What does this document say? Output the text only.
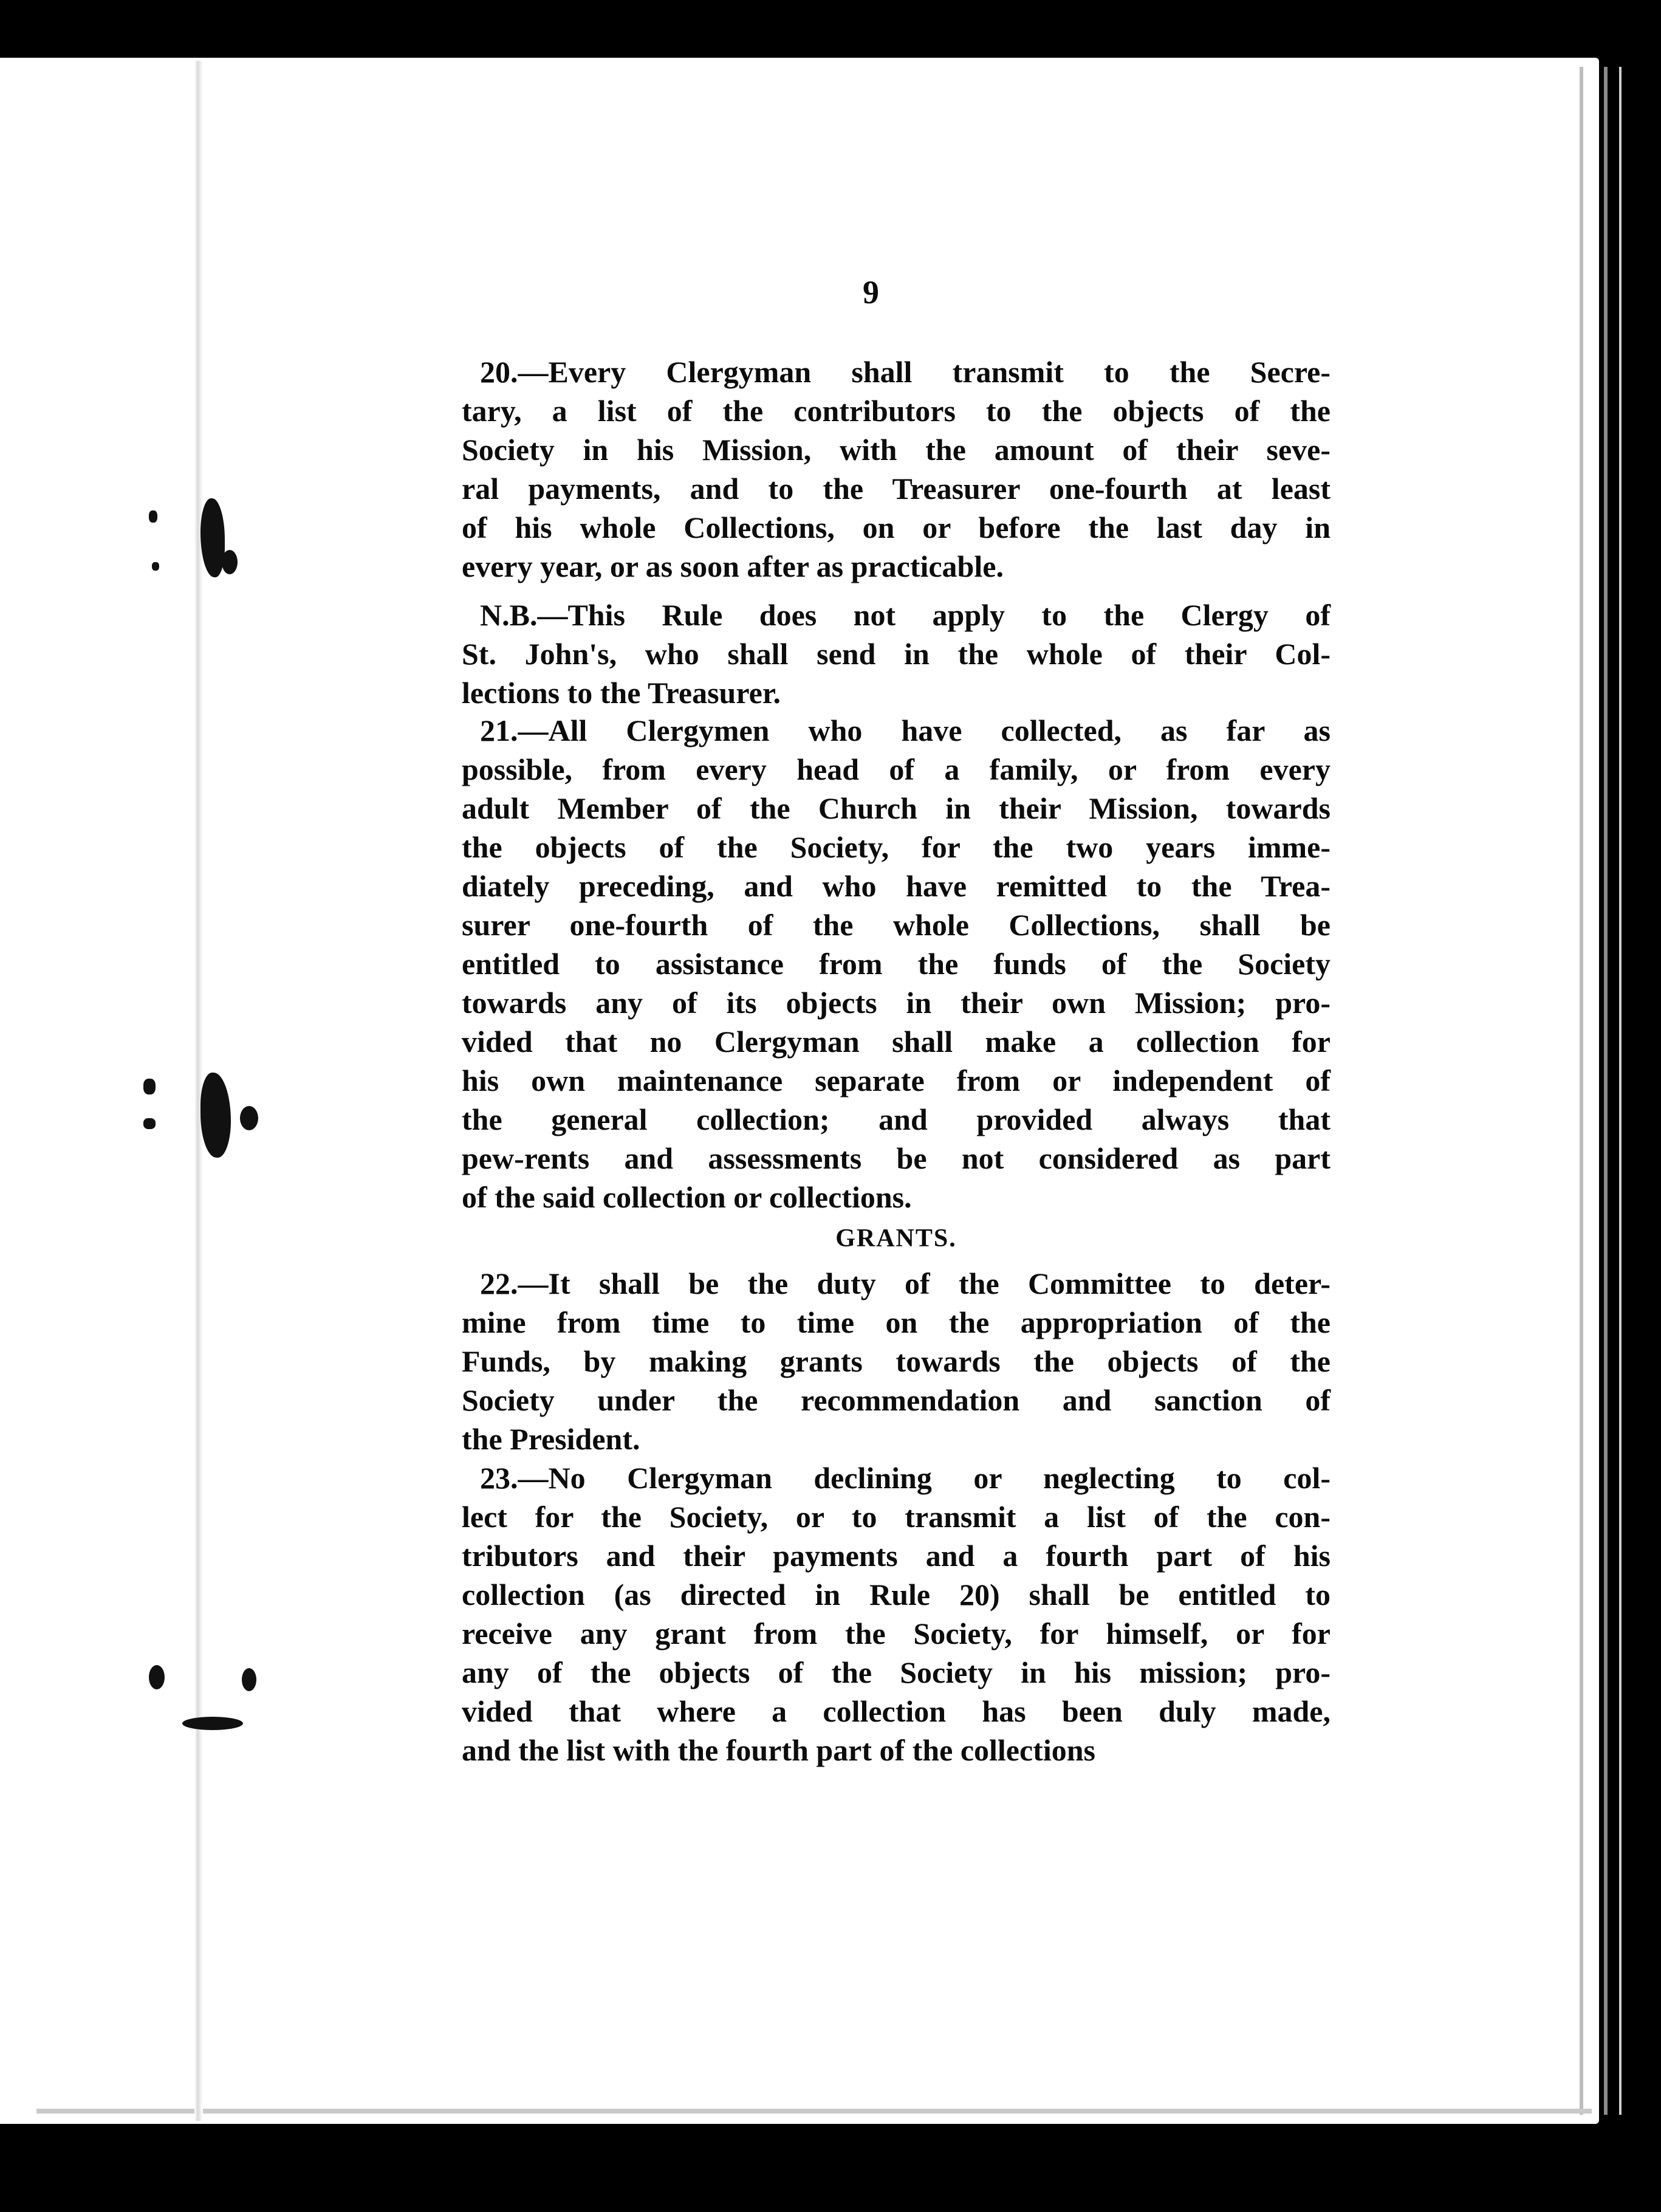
9
20.—Every Clergyman shall transmit to the Secre-
tary, a list of the contributors to the objects of the
Society in his Mission, with the amount of their seve-
ral payments, and to the Treasurer one-fourth at least
of his whole Collections, on or before the last day in
every year, or as soon after as practicable.
N.B.—This Rule does not apply to the Clergy of
St. John's, who shall send in the whole of their Col-
lections to the Treasurer.
21.—All Clergymen who have collected, as far as
possible, from every head of a family, or from every
adult Member of the Church in their Mission, towards
the objects of the Society, for the two years imme-
diately preceding, and who have remitted to the Trea-
surer one-fourth of the whole Collections, shall be
entitled to assistance from the funds of the Society
towards any of its objects in their own Mission; pro-
vided that no Clergyman shall make a collection for
his own maintenance separate from or independent of
the general collection; and provided always that
pew-rents and assessments be not considered as part
of the said collection or collections.
GRANTS.
22.—It shall be the duty of the Committee to deter-
mine from time to time on the appropriation of the
Funds, by making grants towards the objects of the
Society under the recommendation and sanction of
the President.
23.—No Clergyman declining or neglecting to col-
lect for the Society, or to transmit a list of the con-
tributors and their payments and a fourth part of his
collection (as directed in Rule 20) shall be entitled to
receive any grant from the Society, for himself, or for
any of the objects of the Society in his mission; pro-
vided that where a collection has been duly made,
and the list with the fourth part of the collections
